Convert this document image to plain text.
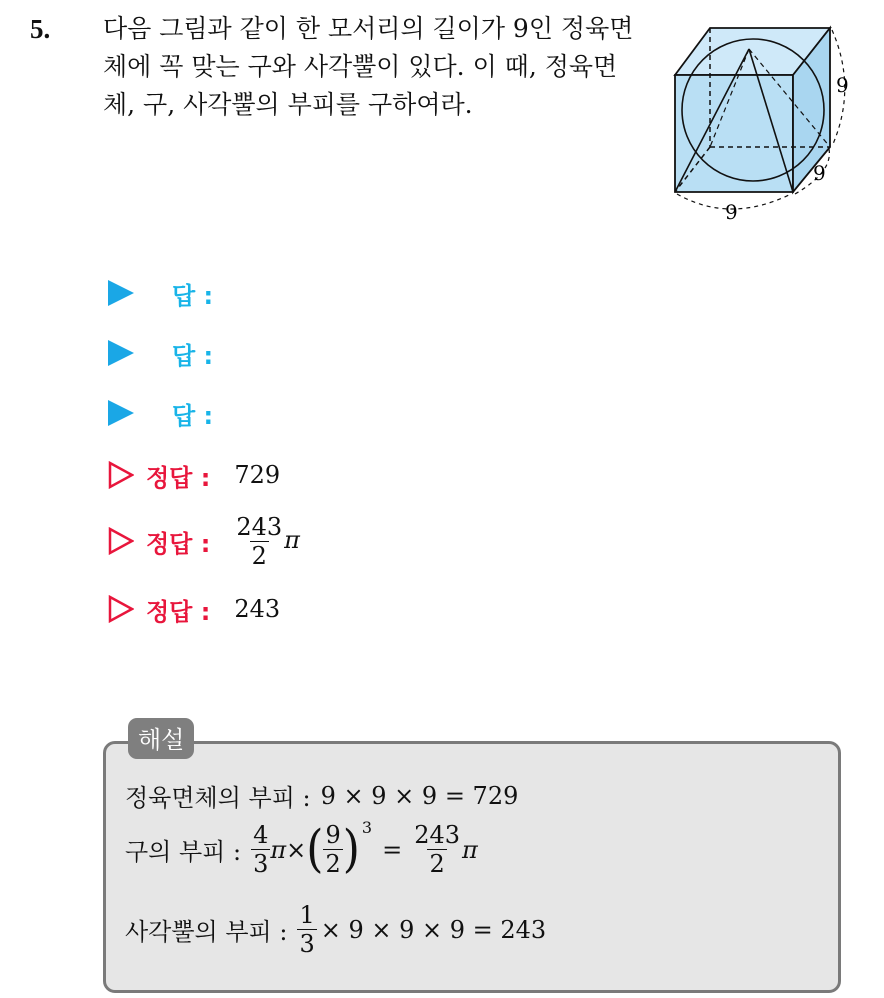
5. 다음 그림과 같이 한 모서리의 길이가 9인 정육면
체에 꼭 맞는 구와 사각뿔이 있다. 이 때, 정육면
체, 구, 사각뿔의 부피를 구하여라.
9
9
9
답 :
답 :
답 :
정답 : 729
정답 : $\frac{243}{2}$ π
정답 : 243
해설
정육면체의 부피 : 9 × 9 × 9 = 729
구의 부피 : $\frac{4}{3}$ π × ( $\frac{9}{2}$ ) 3
= $\frac{243}{2}$ π
사각뿔의 부피 : $\frac{1}{3} \times 9 \times 9 \times 9 = 243$
